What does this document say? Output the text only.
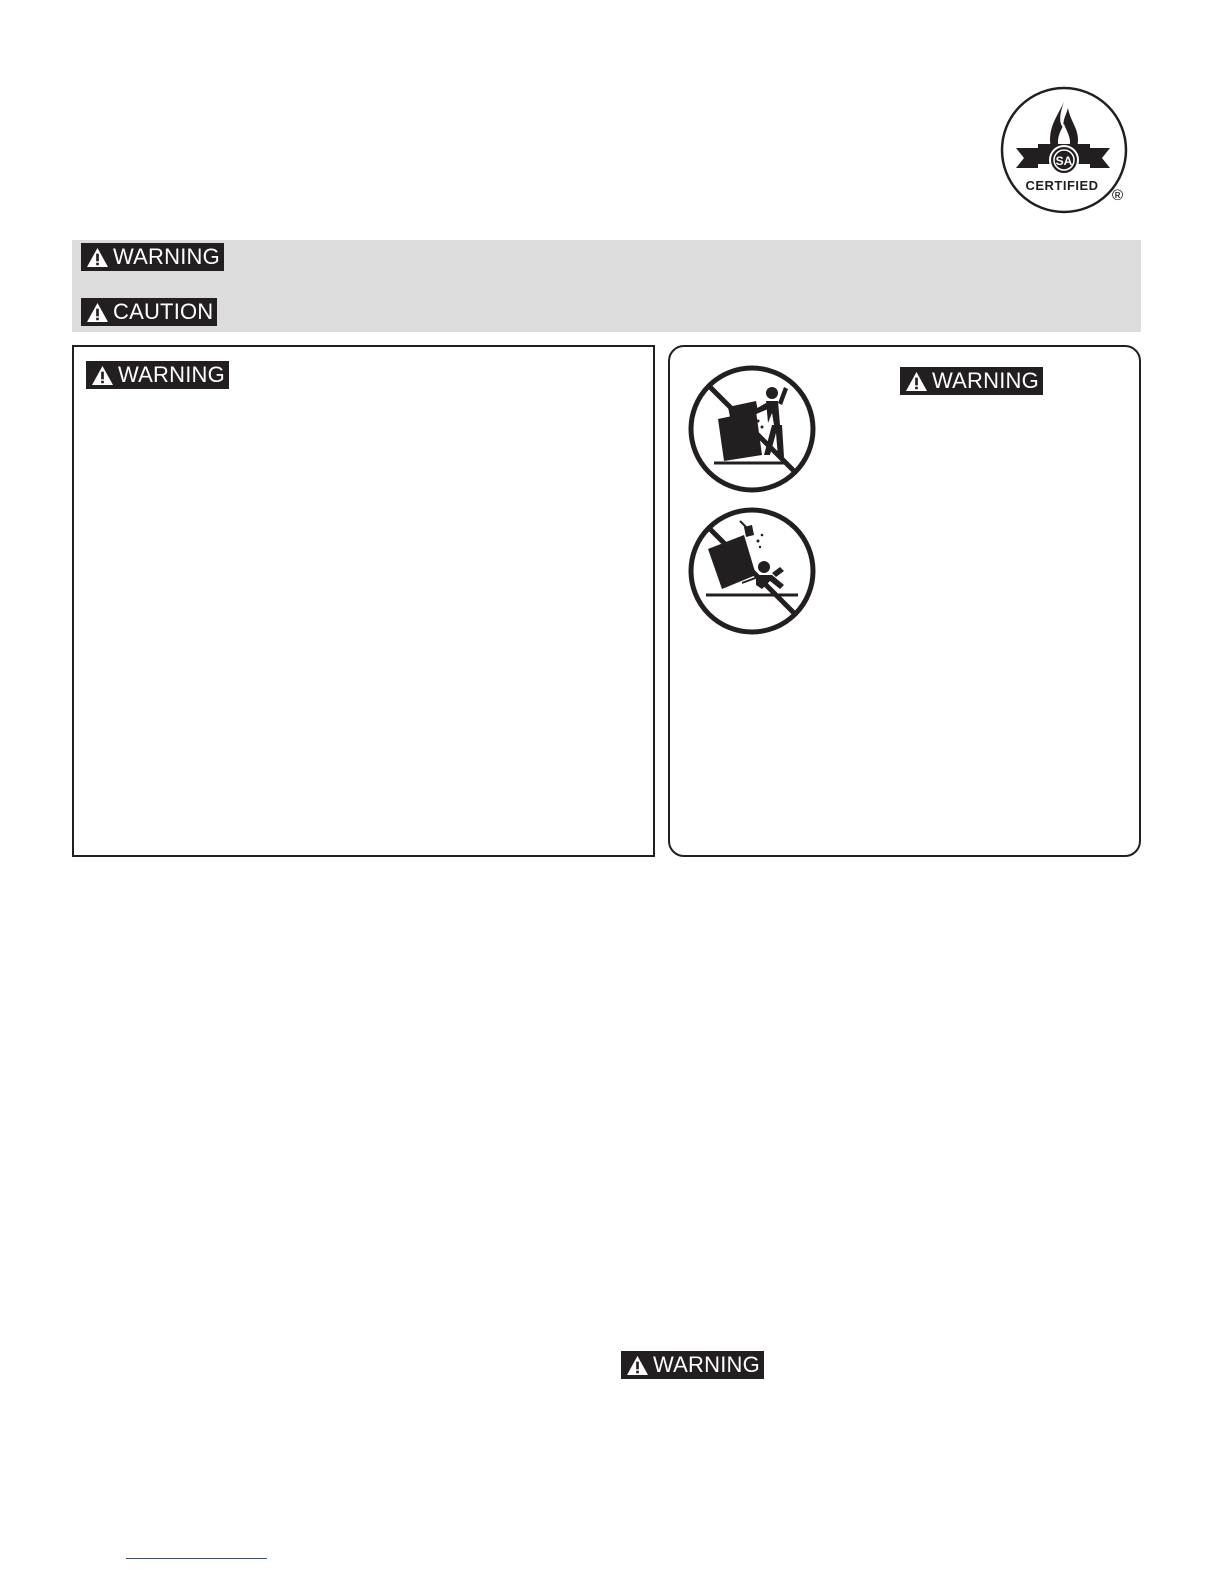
SA
CERTIFIED
®
WARNING
CAUTION
WARNING	WARNING
WARNING
